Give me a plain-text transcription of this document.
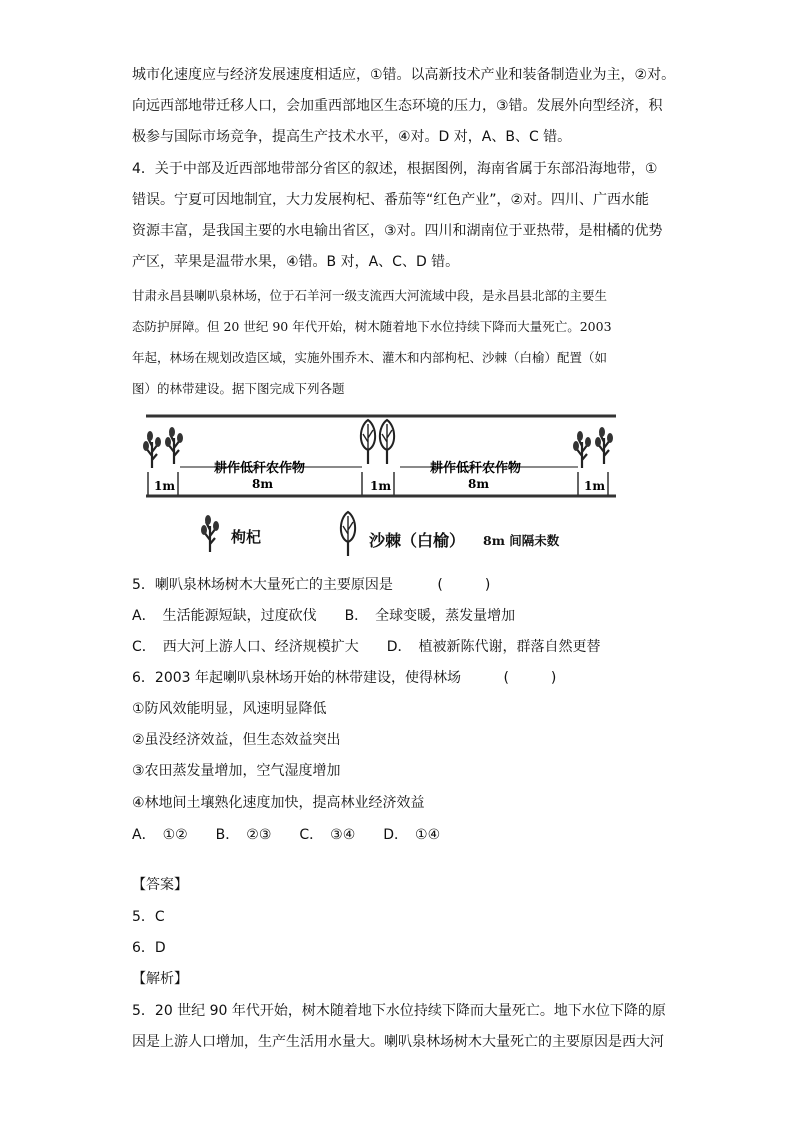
城市化速度应与经济发展速度相适应，①错。以高新技术产业和装备制造业为主，②对。
向远西部地带迁移人口，会加重西部地区生态环境的压力，③错。发展外向型经济，积
极参与国际市场竞争，提高生产技术水平，④对。D 对，A、B、C 错。
4．关于中部及近西部地带部分省区的叙述，根据图例，海南省属于东部沿海地带，①
错误。宁夏可因地制宜，大力发展枸杞、番茄等“红色产业”，②对。四川、广西水能
资源丰富，是我国主要的水电输出省区，③对。四川和湖南位于亚热带，是柑橘的优势
产区，苹果是温带水果，④错。B 对，A、C、D 错。
甘肃永昌县喇叭泉林场，位于石羊河一级支流西大河流域中段，是永昌县北部的主要生
态防护屏障。但 20 世纪 90 年代开始，树木随着地下水位持续下降而大量死亡。2003
年起，林场在规划改造区域，实施外围乔木、灌木和内部枸杞、沙棘（白榆）配置（如
图）的林带建设。据下图完成下列各题
耕作低秆农作物	耕作低秆农作物
8m	8m
1m	1m	1m
枸杞	沙棘（白榆） 8m 间隔未数
5．喇叭泉林场树木大量死亡的主要原因是	(　　　)
A．　生活能源短缺，过度砍伐　　B．　全球变暖，蒸发量增加
C．　西大河上游人口、经济规模扩大　　D．　植被新陈代谢，群落自然更替
6．2003 年起喇叭泉林场开始的林带建设，使得林场	(　　　)
①防风效能明显，风速明显降低
②虽没经济效益，但生态效益突出
③农田蒸发量增加，空气湿度增加
④林地间土壤熟化速度加快，提高林业经济效益
A．　①②　　B．　②③　　C．　③④　　D．　①④
【答案】
5．C
6．D
【解析】
5．20 世纪 90 年代开始，树木随着地下水位持续下降而大量死亡。地下水位下降的原
因是上游人口增加，生产生活用水量大。喇叭泉林场树木大量死亡的主要原因是西大河
